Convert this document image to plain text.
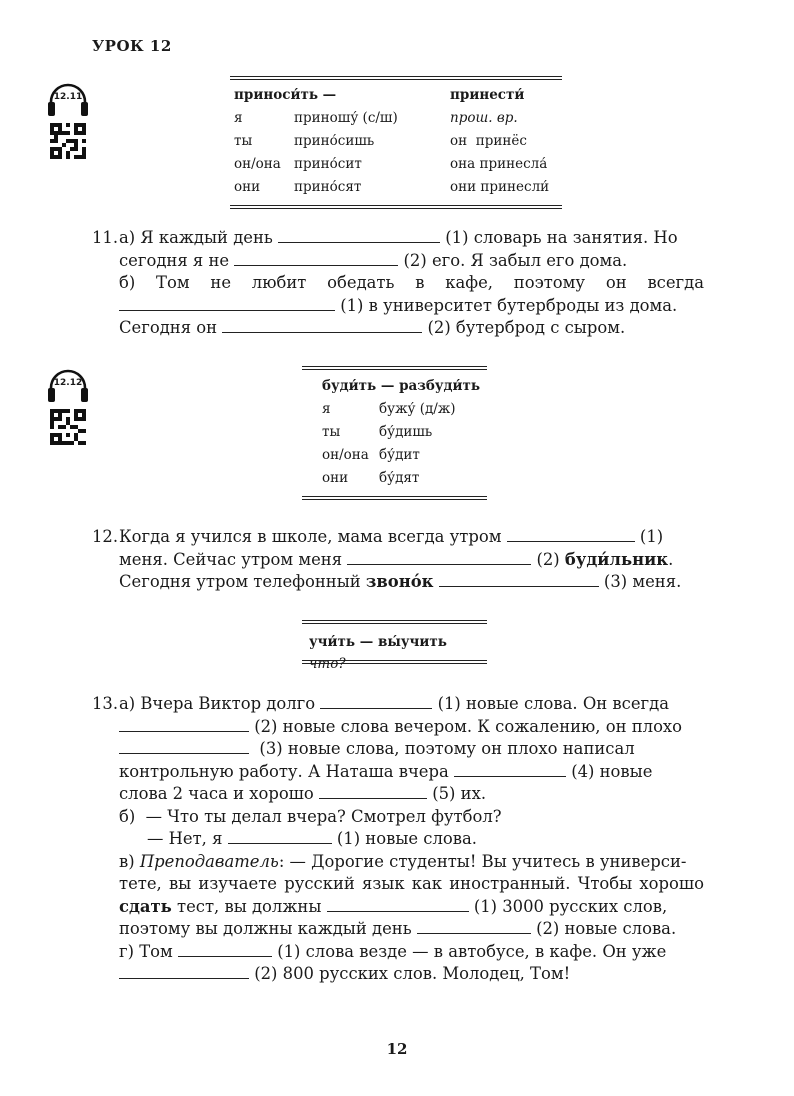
УРОК 12
12.11	приноси́ть —		принести́
я	приношу́ (с/ш)	прош. вр.
ты	прино́сишь	он  принёс
он/она	прино́сит	она принесла́
они	прино́сят	они принесли́
11. а) Я каждый день	(1) словарь на занятия. Но

сегодня я не	(2) его. Я забыл его дома.

б) Том не любит обедать в кафе, поэтому он всегда

(1) в университет бутерброды из дома.

Сегодня он	(2) бутерброд с сыром.

12.12	буди́ть — разбуди́ть	
я	бужу́ (д/ж)
ты	бу́дишь
он/она	бу́дит
они	бу́дят
12. Когда я учился в школе, мама всегда утром	(1)

меня. Сейчас утром меня	(2) буди́льник.

Сегодня утром телефонный звоно́к	(3) меня.

учи́ть — вы́учить что?
13. а) Вчера Виктор долго	(1) новые слова. Он всегда

(2) новые слова вечером. К сожалению, он плохо

(3) новые слова, поэтому он плохо написал

контрольную работу. А Наташа вчера	(4) новые

слова 2 часа и хорошо	(5) их.

б)  — Что ты делал вчера? Смотрел футбол?

— Нет, я	(1) новые слова.

в) Преподаватель: — Дорогие студенты! Вы учитесь в универси-

тете, вы изучаете русский язык как иностранный. Чтобы хорошо

сдать тест, вы должны	(1) 3000 русских слов,

поэтому вы должны каждый день	(2) новые слова.

г) Том	(1) слова везде — в автобусе, в кафе. Он уже

(2) 800 русских слов. Молодец, Том!

12
